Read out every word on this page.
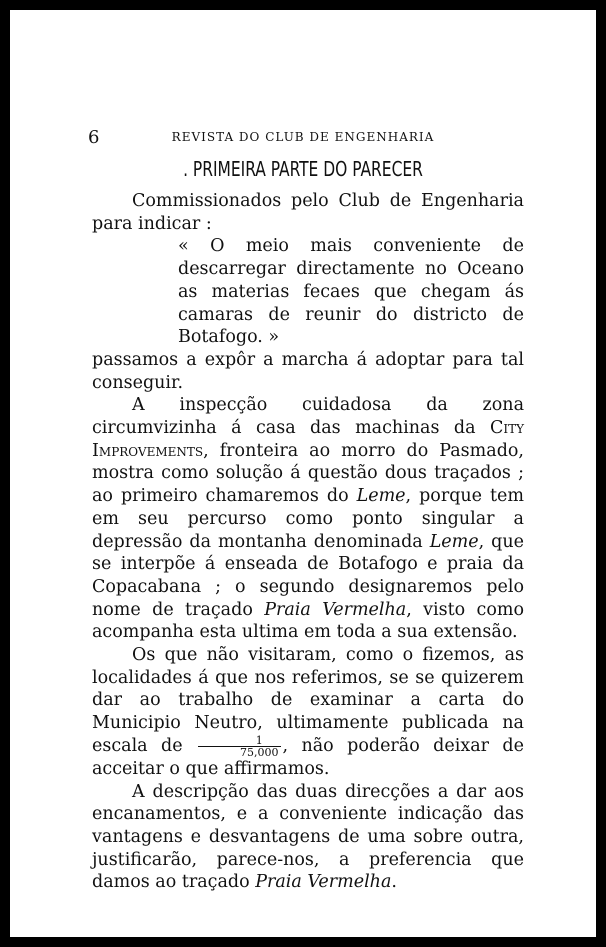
6	REVISTA DO CLUB DE ENGENHARIA
. PRIMEIRA PARTE DO PARECER

Commissionados pelo Club de Engenharia para indicar :

« O meio mais conveniente de descarregar directamente no Oceano as materias fecaes que chegam ás camaras de reunir do districto de Botafogo. »

passamos a expôr a marcha á adoptar para tal conseguir.

A inspecção cuidadosa da zona circumvizinha á casa das machinas da City Improvements, fronteira ao morro do Pasmado, mostra como solução á questão dous traçados ; ao primeiro chamaremos do Leme, porque tem em seu percurso como ponto singular a depressão da montanha denominada Leme, que se interpõe á enseada de Botafogo e praia da Copacabana ; o segundo designaremos pelo nome de traçado Praia Vermelha, visto como acompanha esta ultima em toda a sua extensão.

Os que não visitaram, como o fizemos, as localidades á que nos referimos, se se quizerem dar ao trabalho de examinar a carta do Municipio Neutro, ultimamente publicada na escala de $\frac{1}{75,000}$ , não poderão deixar de acceitar o que affirmamos.

A descripção das duas direcções a dar aos encanamentos, e a conveniente indicação das vantagens e desvantagens de uma sobre outra, justificarão, parece-nos, a preferencia que damos ao traçado Praia Vermelha.
